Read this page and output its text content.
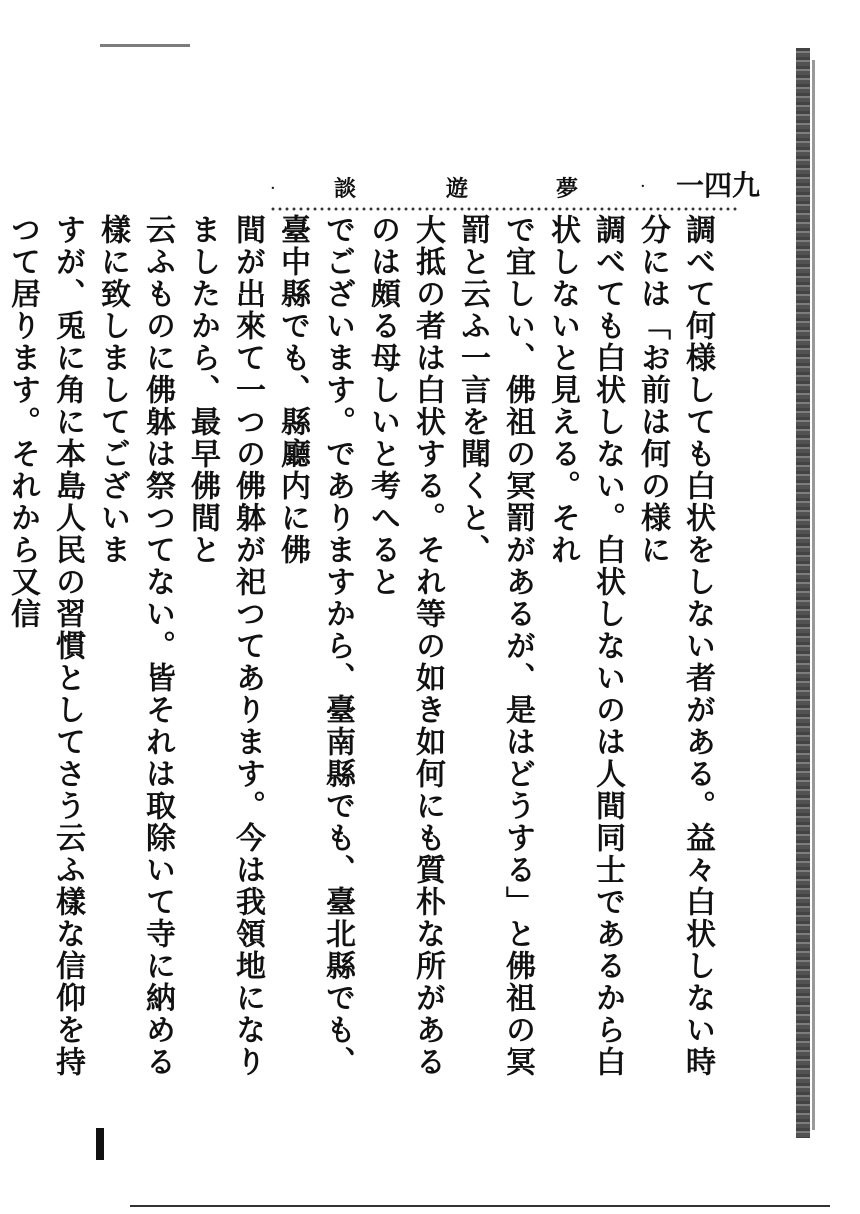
·	談	遊	夢	· 一四九
調べて何様しても白状をしない者がある。益々白状しない時分には「お前は何の様に
調べても白状しない。白状しないのは人間同士であるから白状しないと見える。それ
で宜しい、佛祖の冥罰があるが、是はどうする」と佛祖の冥罰と云ふ一言を聞くと、
大抵の者は白状する。それ等の如き如何にも質朴な所があるのは頗る母しいと考へると
でございます。でありますから、臺南縣でも、臺北縣でも、臺中縣でも、縣廳内に佛
間が出來て一つの佛躰が祀つてあります。今は我領地になりましたから、最早佛間と
云ふものに佛躰は祭つてない。皆それは取除いて寺に納める樣に致しましてございま
すが、兎に角に本島人民の習慣としてさう云ふ樣な信仰を持つて居ります。それから又信
